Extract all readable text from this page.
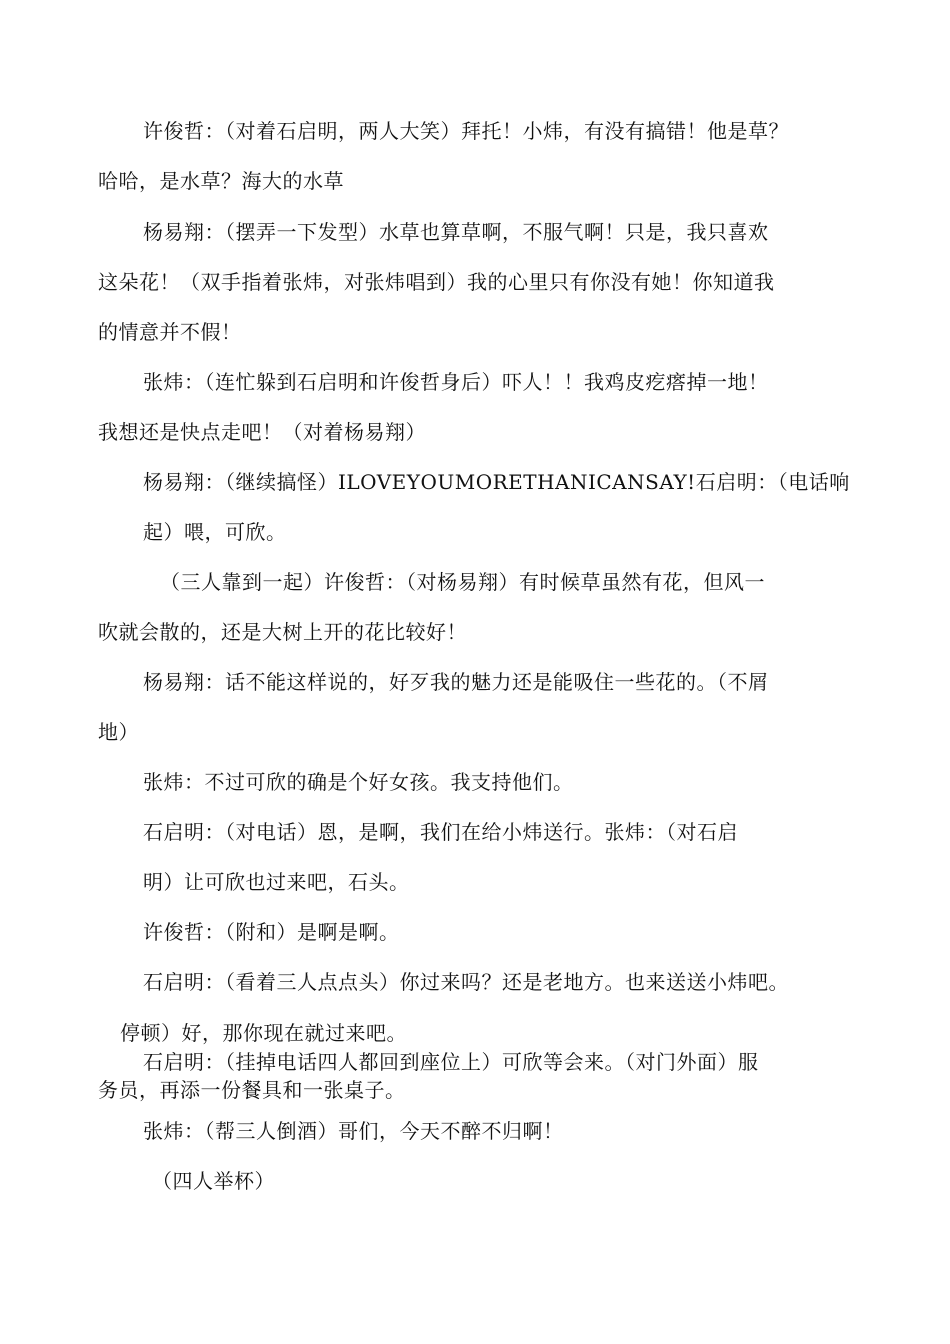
许俊哲：（对着石启明，两人大笑）拜托！小炜，有没有搞错！他是草？
哈哈，是水草？海大的水草
杨易翔：（摆弄一下发型）水草也算草啊，不服气啊！只是，我只喜欢
这朵花！（双手指着张炜，对张炜唱到）我的心里只有你没有她！你知道我
的情意并不假！
张炜：（连忙躲到石启明和许俊哲身后）吓人！！我鸡皮疙瘩掉一地！
我想还是快点走吧！（对着杨易翔）
杨易翔：（继续搞怪）ILOVEYOUMORETHANICANSAY!石启明：（电话响
起）喂，可欣。
（三人靠到一起）许俊哲：（对杨易翔）有时候草虽然有花，但风一
吹就会散的，还是大树上开的花比较好！
杨易翔：话不能这样说的，好歹我的魅力还是能吸住一些花的。（不屑
地）
张炜：不过可欣的确是个好女孩。我支持他们。
石启明：（对电话）恩，是啊，我们在给小炜送行。张炜：（对石启
明）让可欣也过来吧，石头。
许俊哲：（附和）是啊是啊。
石启明：（看着三人点点头）你过来吗？还是老地方。也来送送小炜吧。
停顿）好，那你现在就过来吧。
石启明：（挂掉电话四人都回到座位上）可欣等会来。（对门外面）服
务员，再添一份餐具和一张桌子。
张炜：（帮三人倒酒）哥们，今天不醉不归啊！
（四人举杯）
